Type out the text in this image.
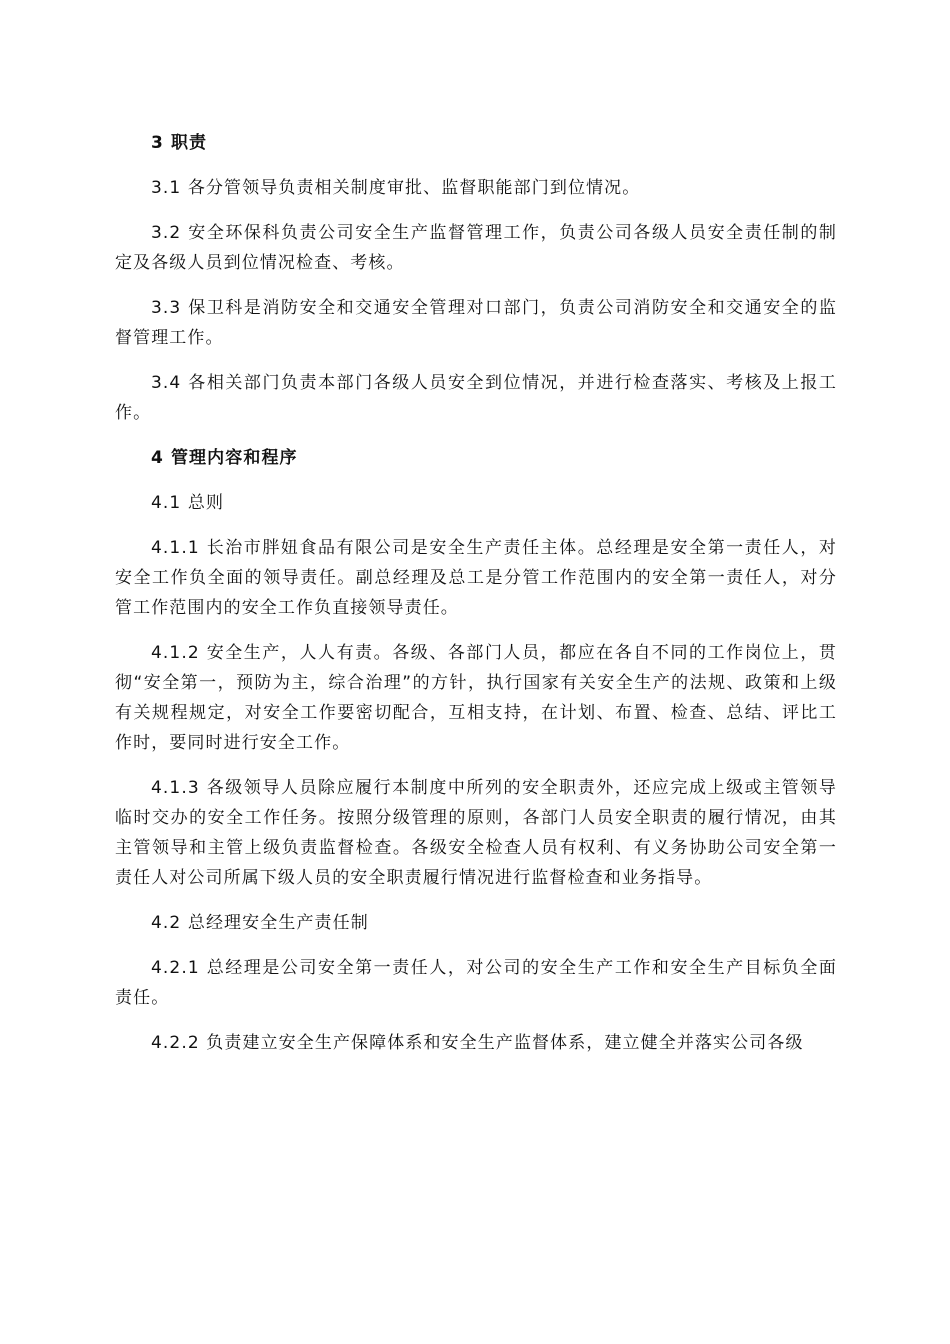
3 职责

3.1 各分管领导负责相关制度审批、监督职能部门到位情况。

3.2 安全环保科负责公司安全生产监督管理工作，负责公司各级人员安全责任制的制定及各级人员到位情况检查、考核。

3.3 保卫科是消防安全和交通安全管理对口部门，负责公司消防安全和交通安全的监督管理工作。

3.4 各相关部门负责本部门各级人员安全到位情况，并进行检查落实、考核及上报工作。

4 管理内容和程序

4.1 总则

4.1.1 长治市胖妞食品有限公司是安全生产责任主体。总经理是安全第一责任人，对安全工作负全面的领导责任。副总经理及总工是分管工作范围内的安全第一责任人，对分管工作范围内的安全工作负直接领导责任。

4.1.2 安全生产，人人有责。各级、各部门人员，都应在各自不同的工作岗位上，贯彻“安全第一，预防为主，综合治理”的方针，执行国家有关安全生产的法规、政策和上级有关规程规定，对安全工作要密切配合，互相支持，在计划、布置、检查、总结、评比工作时，要同时进行安全工作。

4.1.3 各级领导人员除应履行本制度中所列的安全职责外，还应完成上级或主管领导临时交办的安全工作任务。按照分级管理的原则，各部门人员安全职责的履行情况，由其主管领导和主管上级负责监督检查。各级安全检查人员有权利、有义务协助公司安全第一责任人对公司所属下级人员的安全职责履行情况进行监督检查和业务指导。

4.2 总经理安全生产责任制

4.2.1 总经理是公司安全第一责任人，对公司的安全生产工作和安全生产目标负全面责任。

4.2.2 负责建立安全生产保障体系和安全生产监督体系，建立健全并落实公司各级
